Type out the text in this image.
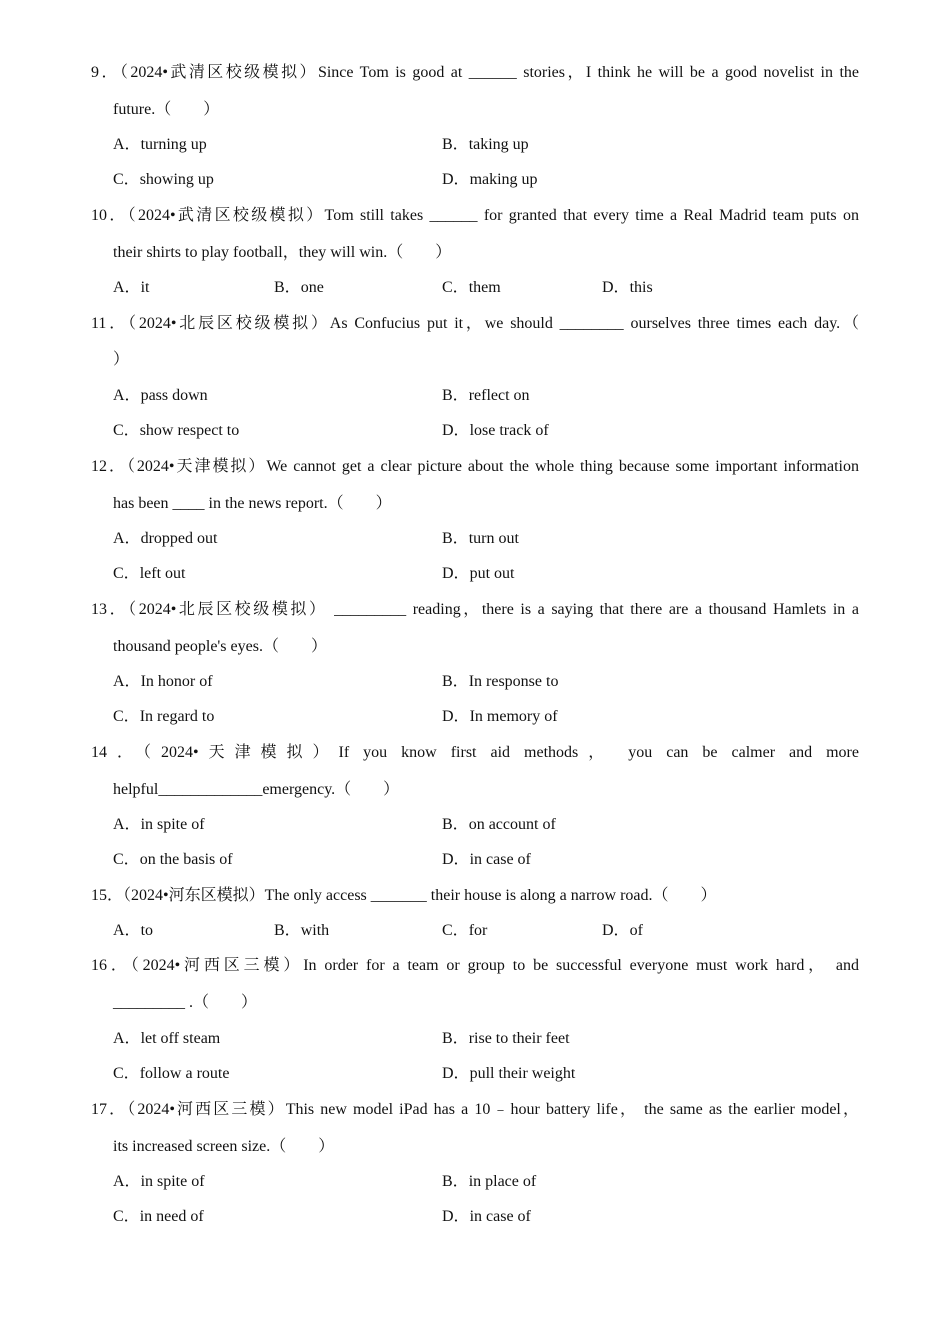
9．（2024•武清区校级模拟）Since Tom is good at ______ stories，I think he will be a good novelist in the
future.（　　）
A．turning up	B．taking up
C．showing up	D．making up
10．（2024•武清区校级模拟）Tom still takes ______ for granted that every time a Real Madrid team puts on
their shirts to play football，they will win.（　　）
A．it	B．one	C．them	D．this
11．（2024•北辰区校级模拟）As Confucius put it，we should ________ ourselves three times each day.（
）
A．pass down	B．reflect on
C．show respect to	D．lose track of
12．（2024•天津模拟）We cannot get a clear picture about the whole thing because some important information
has been ____ in the news report.（　　）
A．dropped out	B．turn out
C．left out	D．put out
13．（2024•北辰区校级模拟） _________ reading，there is a saying that there are a thousand Hamlets in a
thousand people's eyes.（　　）
A．In honor of	B．In response to
C．In regard to	D．In memory of
14．（2024•天津模拟）If you know first aid methods， you can be calmer and more
helpful_____________emergency.（　　）
A．in spite of	B．on account of
C．on the basis of	D．in case of
15．（2024•河东区模拟）The only access _______ their house is along a narrow road.（　　）
A．to	B．with	C．for	D．of
16．（2024•河西区三模）In order for a team or group to be successful everyone must work hard， and
_________ .（　　）
A．let off steam	B．rise to their feet
C．follow a route	D．pull their weight
17．（2024•河西区三模）This new model iPad has a 10﹣hour battery life， the same as the earlier model，
its increased screen size.（　　）
A．in spite of	B．in place of
C．in need of	D．in case of
